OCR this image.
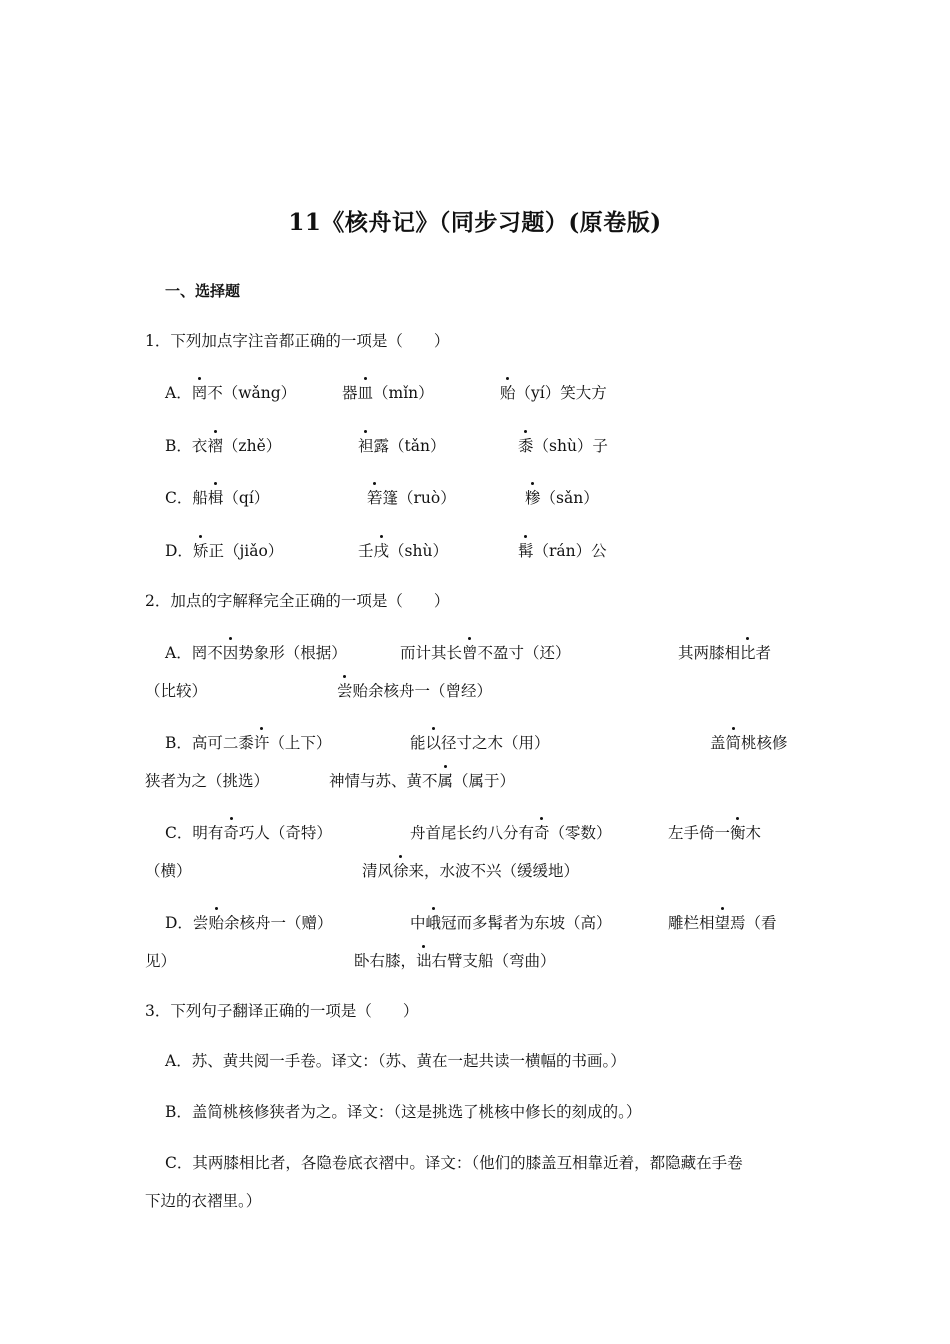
11《核舟记》（同步习题）(原卷版)
一、选择题
1．下列加点字注音都正确的一项是（　　）
A．罔不（wǎng）	器皿（mǐn）	贻（yí）笑大方
B．衣褶（zhě）	袒露（tǎn）	黍（shù）子
C．船楫（qí）	箬篷（ruò）	糁（sǎn）
D．矫正（jiǎo）	壬戌（shù）	髯（rán）公
2．加点的字解释完全正确的一项是（　　）
A．罔不因势象形（根据）	而计其长曾不盈寸（还）	其两膝相比者
（比较）	尝贻余核舟一（曾经）
B．高可二黍许（上下）	能以径寸之木（用）	盖简桃核修
狭者为之（挑选）	神情与苏、黄不属（属于）
C．明有奇巧人（奇特）	舟首尾长约八分有奇（零数）	左手倚一衡木
（横）	清风徐来，水波不兴（缓缓地）
D．尝贻余核舟一（赠）	中峨冠而多髯者为东坡（高）	雕栏相望焉（看
见）	卧右膝，诎右臂支船（弯曲）
3．下列句子翻译正确的一项是（　　）
A．苏、黄共阅一手卷。译文：（苏、黄在一起共读一横幅的书画。）
B．盖简桃核修狭者为之。译文：（这是挑选了桃核中修长的刻成的。）
C．其两膝相比者，各隐卷底衣褶中。译文：（他们的膝盖互相靠近着，都隐藏在手卷
下边的衣褶里。）
